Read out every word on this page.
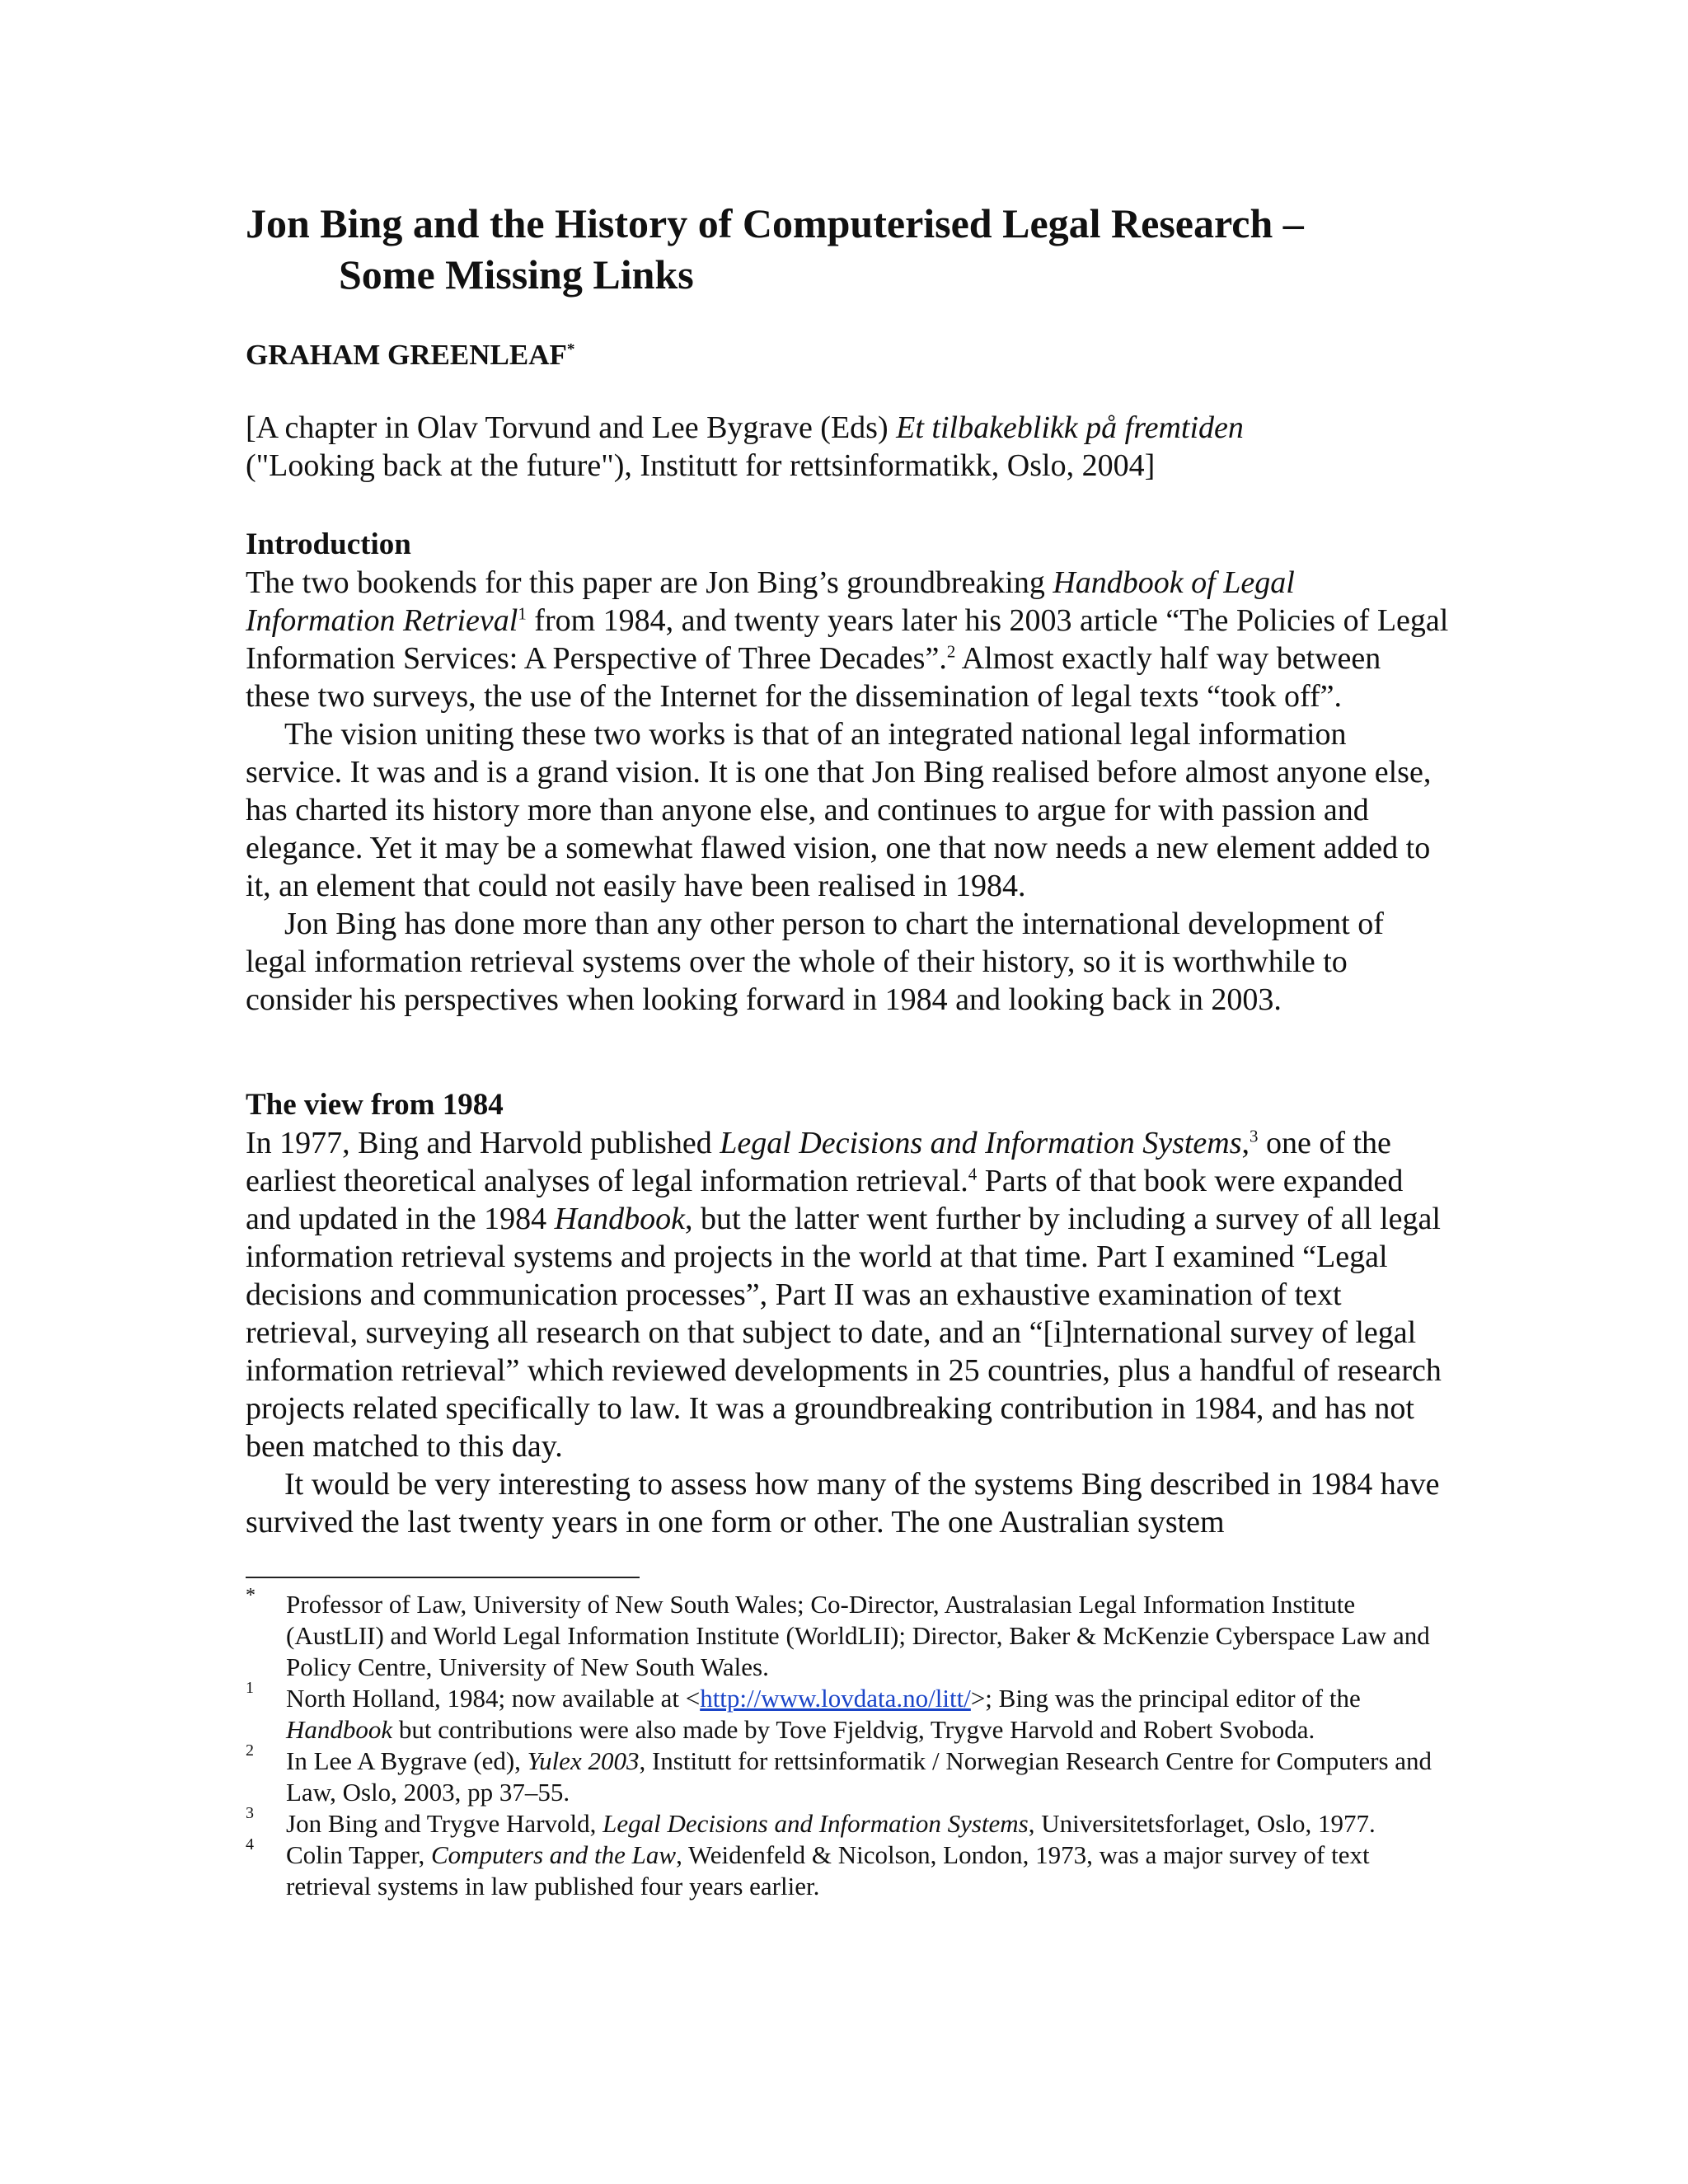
Jon Bing and the History of Computerised Legal Research –
Some Missing Links
GRAHAM GREENLEAF*
[A chapter in Olav Torvund and Lee Bygrave (Eds) Et tilbakeblikk på fremtiden
("Looking back at the future"), Institutt for rettsinformatikk, Oslo, 2004]
Introduction

The two bookends for this paper are Jon Bing’s groundbreaking Handbook of Legal Information Retrieval$^1$ from 1984, and twenty years later his 2003 article “The Policies of Legal Information Services: A Perspective of Three Decades”.$^2$ Almost exactly half way between these two surveys, the use of the Internet for the dissemination of legal texts “took off”.

The vision uniting these two works is that of an integrated national legal information service. It was and is a grand vision. It is one that Jon Bing realised before almost anyone else, has charted its history more than anyone else, and continues to argue for with passion and elegance. Yet it may be a somewhat flawed vision, one that now needs a new element added to it, an element that could not easily have been realised in 1984.

Jon Bing has done more than any other person to chart the international development of legal information retrieval systems over the whole of their history, so it is worthwhile to consider his perspectives when looking forward in 1984 and looking back in 2003.

The view from 1984

In 1977, Bing and Harvold published Legal Decisions and Information Systems,$^3$ one of the earliest theoretical analyses of legal information retrieval.$^4$ Parts of that book were expanded and updated in the 1984 Handbook, but the latter went further by including a survey of all legal information retrieval systems and projects in the world at that time. Part I examined “Legal decisions and communication processes”, Part II was an exhaustive examination of text retrieval, surveying all research on that subject to date, and an “[i]nternational survey of legal information retrieval” which reviewed developments in 25 countries, plus a handful of research projects related specifically to law. It was a groundbreaking contribution in 1984, and has not been matched to this day.

It would be very interesting to assess how many of the systems Bing described in 1984 have survived the last twenty years in one form or other. The one Australian system

* Professor of Law, University of New South Wales; Co-Director, Australasian Legal Information Institute (AustLII) and World Legal Information Institute (WorldLII); Director, Baker & McKenzie Cyberspace Law and Policy Centre, University of New South Wales.
1 North Holland, 1984; now available at <http://www.lovdata.no/litt/>; Bing was the principal editor of the Handbook but contributions were also made by Tove Fjeldvig, Trygve Harvold and Robert Svoboda.
2 In Lee A Bygrave (ed), Yulex 2003, Institutt for rettsinformatik / Norwegian Research Centre for Computers and Law, Oslo, 2003, pp 37–55.
3 Jon Bing and Trygve Harvold, Legal Decisions and Information Systems, Universitetsforlaget, Oslo, 1977.
4 Colin Tapper, Computers and the Law, Weidenfeld & Nicolson, London, 1973, was a major survey of text retrieval systems in law published four years earlier.
